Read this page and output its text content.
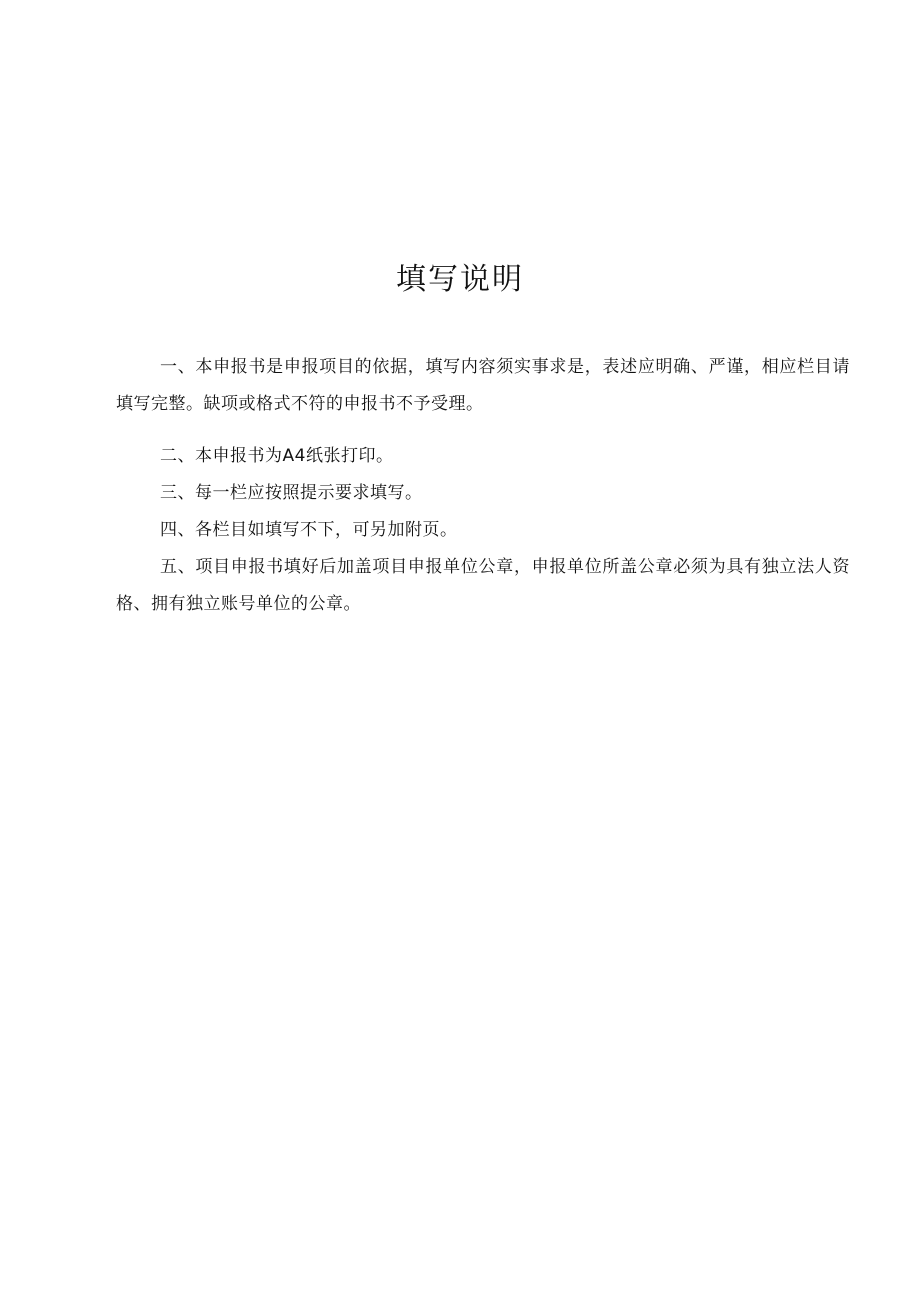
填写说明

一、本申报书是申报项目的依据，填写内容须实事求是，表述应明确、严谨，相应栏目请填写完整。缺项或格式不符的申报书不予受理。

二、本申报书为A4纸张打印。

三、每一栏应按照提示要求填写。

四、各栏目如填写不下，可另加附页。

五、项目申报书填好后加盖项目申报单位公章，申报单位所盖公章必须为具有独立法人资格、拥有独立账号单位的公章。
